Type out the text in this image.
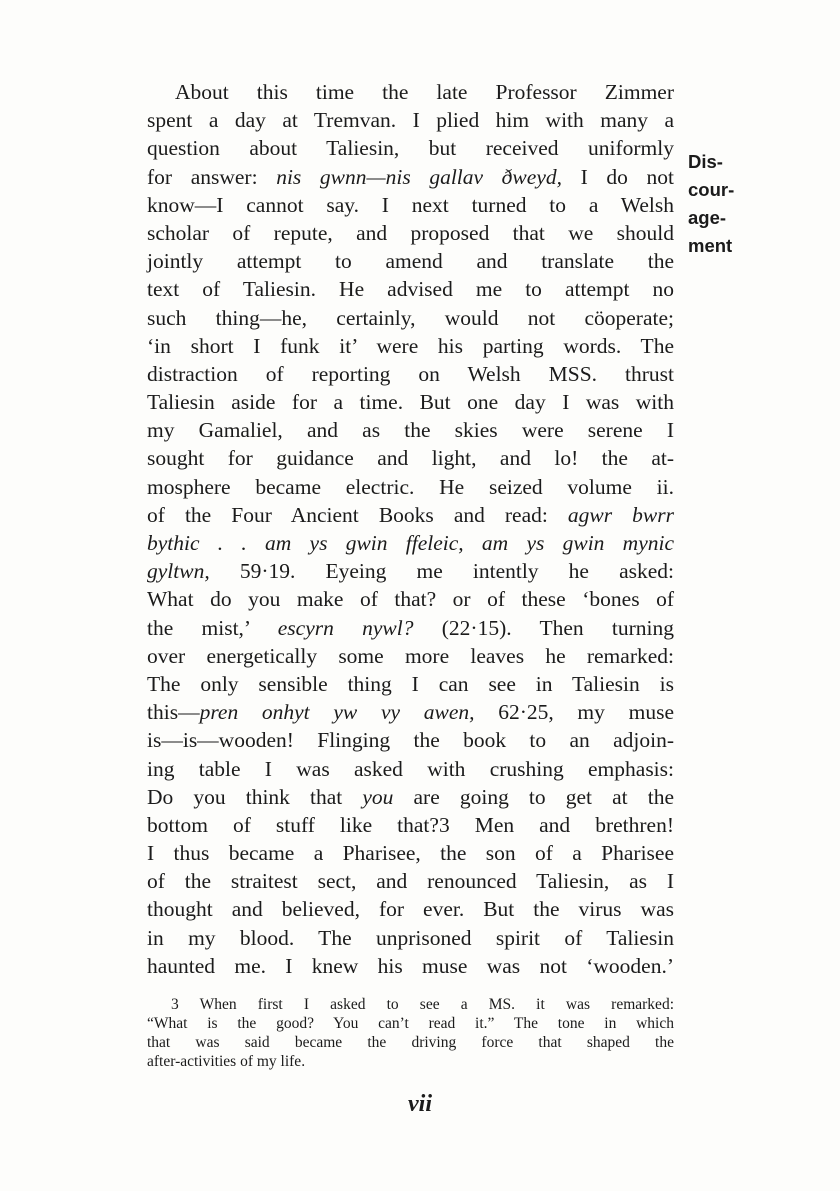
About this time the late Professor Zimmer
spent a day at Tremvan. I plied him with many a
question about Taliesin, but received uniformly
for answer: nis gwnn—nis gallav ðweyd, I do not
know—I cannot say. I next turned to a Welsh
scholar of repute, and proposed that we should
jointly attempt to amend and translate the
text of Taliesin. He advised me to attempt no
such thing—he, certainly, would not cöoperate;
‘in short I funk it’ were his parting words. The
distraction of reporting on Welsh MSS. thrust
Taliesin aside for a time. But one day I was with
my Gamaliel, and as the skies were serene I
sought for guidance and light, and lo! the at-
mosphere became electric. He seized volume ii.
of the Four Ancient Books and read: agwr bwrr
bythic . . am ys gwin ffeleic, am ys gwin mynic
gyltwn, 59·19. Eyeing me intently he asked:
What do you make of that? or of these ‘bones of
the mist,’ escyrn nywl? (22·15). Then turning
over energetically some more leaves he remarked:
The only sensible thing I can see in Taliesin is
this—pren onhyt yw vy awen, 62·25, my muse
is—is—wooden! Flinging the book to an adjoin-
ing table I was asked with crushing emphasis:
Do you think that you are going to get at the
bottom of stuff like that?3 Men and brethren!
I thus became a Pharisee, the son of a Pharisee
of the straitest sect, and renounced Taliesin, as I
thought and believed, for ever. But the virus was
in my blood. The unprisoned spirit of Taliesin
haunted me. I knew his muse was not ‘wooden.’
Dis-
cour-
age-
ment
3 When first I asked to see a MS. it was remarked:
“What is the good? You can’t read it.” The tone in which
that was said became the driving force that shaped the
after-activities of my life.
vii
